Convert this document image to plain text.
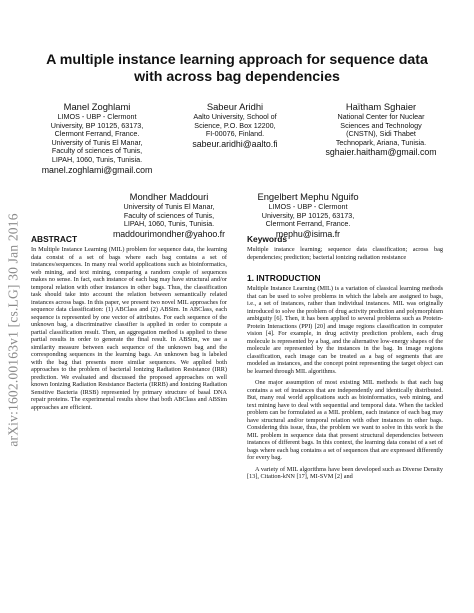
arXiv:1602.00163v1 [cs.LG] 30 Jan 2016
A multiple instance learning approach for sequence data
with across bag dependencies
Manel Zoghlami
LIMOS - UBP - Clermont
University, BP 10125, 63173,
Clermont Ferrand, France.
University of Tunis El Manar,
Faculty of sciences of Tunis,
LIPAH, 1060, Tunis, Tunisia.
manel.zoghlami@gmail.com
Sabeur Aridhi
Aalto University, School of
Science, P.O. Box 12200,
FI-00076, Finland.
sabeur.aridhi@aalto.fi
Haïtham Sghaier
National Center for Nuclear
Sciences and Technology
(CNSTN), Sidi Thabet
Technopark, Ariana, Tunisia.
sghaier.haitham@gmail.com
Mondher Maddouri
University of Tunis El Manar,
Faculty of sciences of Tunis,
LIPAH, 1060, Tunis, Tunisia.
maddourimondher@yahoo.fr
Engelbert Mephu Nguifo
LIMOS - UBP - Clermont
University, BP 10125, 63173,
Clermont Ferrand, France.
mephu@isima.fr
ABSTRACT

In Multiple Instance Learning (MIL) problem for sequence data, the learning data consist of a set of bags where each bag contains a set of instances/sequences. In many real world applications such as bioinformatics, web mining, and text mining, comparing a random couple of sequences makes no sense. In fact, each instance of each bag may have structural and/or temporal relation with other instances in other bags. Thus, the classification task should take into account the relation between semantically related instances across bags. In this paper, we present two novel MIL approaches for sequence data classification: (1) ABClass and (2) ABSim. In ABClass, each sequence is represented by one vector of attributes. For each sequence of the unknown bag, a discriminative classifier is applied in order to compute a partial classification result. Then, an aggregation method is applied to these partial results in order to generate the final result. In ABSim, we use a similarity measure between each sequence of the unknown bag and the corresponding sequences in the learning bags. An unknown bag is labeled with the bag that presents more similar sequences. We applied both approaches to the problem of bacterial Ionizing Radiation Resistance (IRR) prediction. We evaluated and discussed the proposed approaches on well known Ionizing Radiation Resistance Bacteria (IRRB) and Ionizing Radiation Sensitive Bacteria (IRSB) represented by primary structure of basal DNA repair proteins. The experimental results show that both ABClass and ABSim approaches are efficient.

Keywords

Multiple instance learning; sequence data classification; across bag dependencies; prediction; bacterial ionizing radiation resistance

1. INTRODUCTION

Multiple Instance Learning (MIL) is a variation of classical learning methods that can be used to solve problems in which the labels are assigned to bags, i.e., a set of instances, rather than individual instances. MIL was originally introduced to solve the problem of drug activity prediction and polymorphism ambiguity [6]. Then, it has been applied to several problems such as Protein-Protein Interactions (PPI) [20] and image regions classification in computer vision [4]. For example, in drug activity prediction problem, each drug molecule is represented by a bag, and the alternative low-energy shapes of the molecule are represented by the instances in the bag. In image regions classification, each image can be treated as a bag of segments that are modeled as instances, and the concept point representing the target object can be learned through MIL algorithms.

One major assumption of most existing MIL methods is that each bag contains a set of instances that are independently and identically distributed. But, many real world applications such as bioinformatics, web mining, and text mining have to deal with sequential and temporal data. When the tackled problem can be formulated as a MIL problem, each instance of each bag may have structural and/or temporal relation with other instances in other bags. Considering this issue, thus, the problem we want to solve in this work is the MIL problem in sequence data that present structural dependencies between instances of different bags. In this context, the learning data consist of a set of bags where each bag contains a set of sequences that are expressed differently for every bag.

A variety of MIL algorithms have been developed such as Diverse Density [13], Citation-kNN [17], MI-SVM [2] and
